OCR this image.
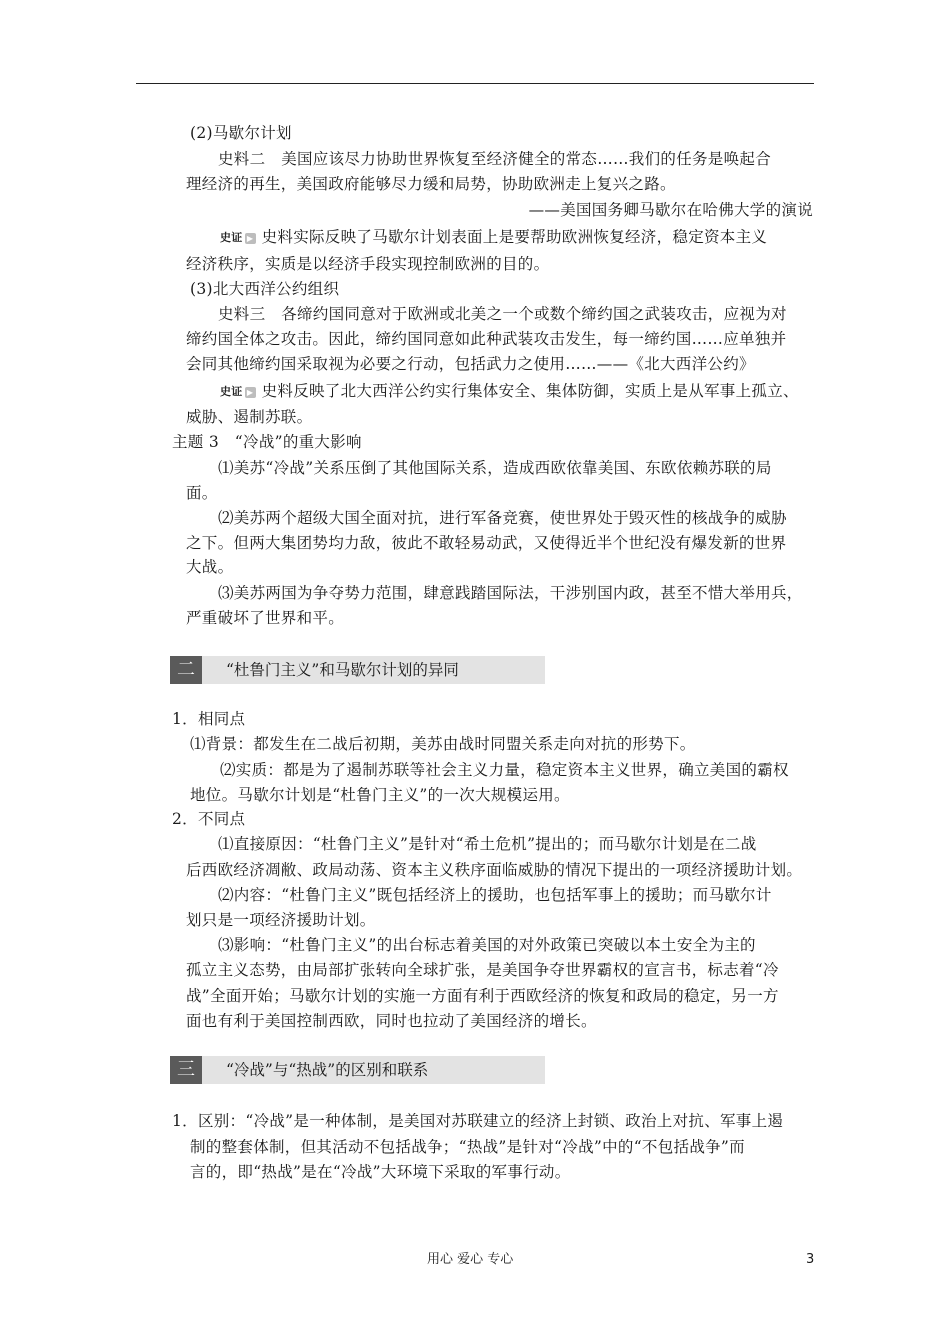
(2)马歇尔计划
史料二　美国应该尽力协助世界恢复至经济健全的常态……我们的任务是唤起合
理经济的再生，美国政府能够尽力缓和局势，协助欧洲走上复兴之路。
——美国国务卿马歇尔在哈佛大学的演说
史证 ▶ 史料实际反映了马歇尔计划表面上是要帮助欧洲恢复经济，稳定资本主义
经济秩序，实质是以经济手段实现控制欧洲的目的。
(3)北大西洋公约组织
史料三　各缔约国同意对于欧洲或北美之一个或数个缔约国之武装攻击，应视为对
缔约国全体之攻击。因此，缔约国同意如此种武装攻击发生，每一缔约国……应单独并
会同其他缔约国采取视为必要之行动，包括武力之使用……——《北大西洋公约》
史证 ▶ 史料反映了北大西洋公约实行集体安全、集体防御，实质上是从军事上孤立、
威胁、遏制苏联。
主题 3　“冷战”的重大影响
⑴美苏“冷战”关系压倒了其他国际关系，造成西欧依靠美国、东欧依赖苏联的局
面。
⑵美苏两个超级大国全面对抗，进行军备竞赛，使世界处于毁灭性的核战争的威胁
之下。但两大集团势均力敌，彼此不敢轻易动武，又使得近半个世纪没有爆发新的世界
大战。
⑶美苏两国为争夺势力范围，肆意践踏国际法，干涉别国内政，甚至不惜大举用兵，
严重破坏了世界和平。
二	“杜鲁门主义”和马歇尔计划的异同
1．相同点
⑴背景：都发生在二战后初期，美苏由战时同盟关系走向对抗的形势下。
⑵实质：都是为了遏制苏联等社会主义力量，稳定资本主义世界，确立美国的霸权
地位。马歇尔计划是“杜鲁门主义”的一次大规模运用。
2．不同点
⑴直接原因：“杜鲁门主义”是针对“希土危机”提出的；而马歇尔计划是在二战
后西欧经济凋敝、政局动荡、资本主义秩序面临威胁的情况下提出的一项经济援助计划。
⑵内容：“杜鲁门主义”既包括经济上的援助，也包括军事上的援助；而马歇尔计
划只是一项经济援助计划。
⑶影响：“杜鲁门主义”的出台标志着美国的对外政策已突破以本土安全为主的
孤立主义态势，由局部扩张转向全球扩张，是美国争夺世界霸权的宣言书，标志着“冷
战”全面开始；马歇尔计划的实施一方面有利于西欧经济的恢复和政局的稳定，另一方
面也有利于美国控制西欧，同时也拉动了美国经济的增长。
三	“冷战”与“热战”的区别和联系
1．区别：“冷战”是一种体制，是美国对苏联建立的经济上封锁、政治上对抗、军事上遏
制的整套体制，但其活动不包括战争；“热战”是针对“冷战”中的“不包括战争”而
言的，即“热战”是在“冷战”大环境下采取的军事行动。
用心 爱心 专心	3
